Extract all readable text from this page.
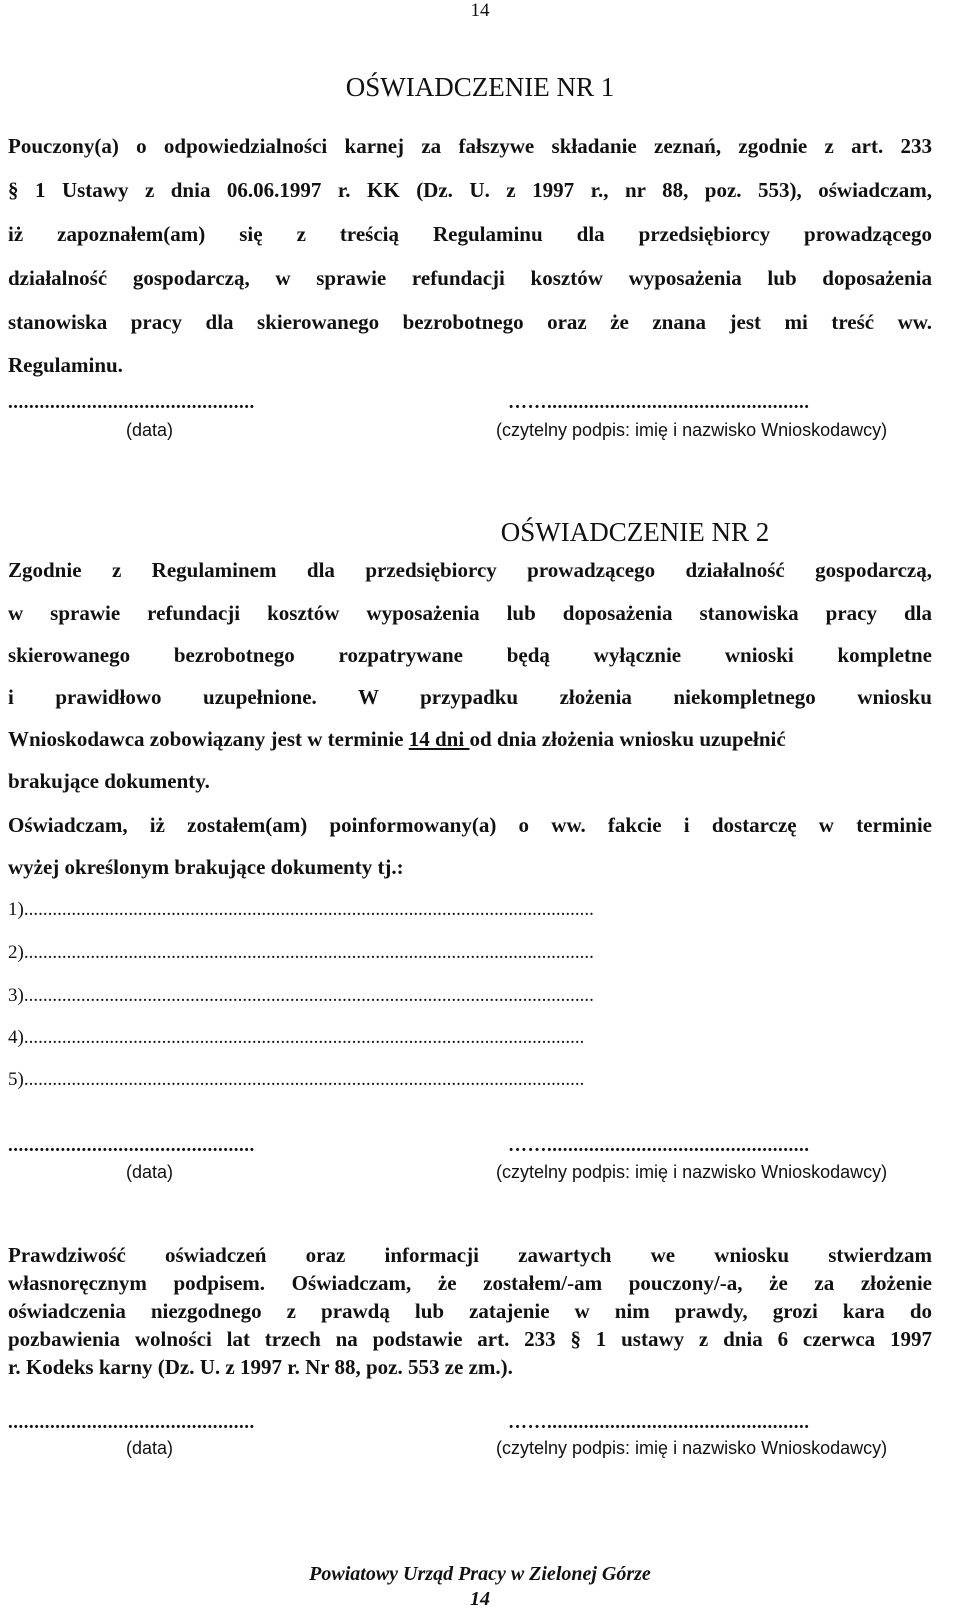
14
OŚWIADCZENIE NR 1
Pouczony(a) o odpowiedzialności karnej za fałszywe składanie zeznań, zgodnie z art. 233
§ 1 Ustawy z dnia 06.06.1997 r. KK (Dz. U. z 1997 r., nr 88, poz. 553), oświadczam,
iż zapoznałem(am) się z treścią Regulaminu dla przedsiębiorcy prowadzącego
działalność gospodarczą, w sprawie refundacji kosztów wyposażenia lub doposażenia
stanowiska pracy dla skierowanego bezrobotnego oraz że znana jest mi treść ww.
Regulaminu.
...............................................	……..................................................
(data)	(czytelny podpis: imię i nazwisko Wnioskodawcy)
OŚWIADCZENIE NR 2
Zgodnie z Regulaminem dla przedsiębiorcy prowadzącego działalność gospodarczą,
w sprawie refundacji kosztów wyposażenia lub doposażenia stanowiska pracy dla
skierowanego bezrobotnego rozpatrywane będą wyłącznie wnioski kompletne
i prawidłowo uzupełnione. W przypadku złożenia niekompletnego wniosku
Wnioskodawca zobowiązany jest w terminie 14 dni od dnia złożenia wniosku uzupełnić
brakujące dokumenty.
Oświadczam, iż zostałem(am) poinformowany(a) o ww. fakcie i dostarczę w terminie
wyżej określonym brakujące dokumenty tj.:
1)........................................................................................................................
2)........................................................................................................................
3)........................................................................................................................
4)......................................................................................................................
5)......................................................................................................................
...............................................	……..................................................
(data)	(czytelny podpis: imię i nazwisko Wnioskodawcy)
Prawdziwość oświadczeń oraz informacji zawartych we wniosku stwierdzam
własnoręcznym podpisem. Oświadczam, że zostałem/-am pouczony/-a, że za złożenie
oświadczenia niezgodnego z prawdą lub zatajenie w nim prawdy, grozi kara do
pozbawienia wolności lat trzech na podstawie art. 233 § 1 ustawy z dnia 6 czerwca 1997
r. Kodeks karny (Dz. U. z 1997 r. Nr 88, poz. 553 ze zm.).
...............................................	……..................................................
(data)	(czytelny podpis: imię i nazwisko Wnioskodawcy)
Powiatowy Urząd Pracy w Zielonej Górze
14
